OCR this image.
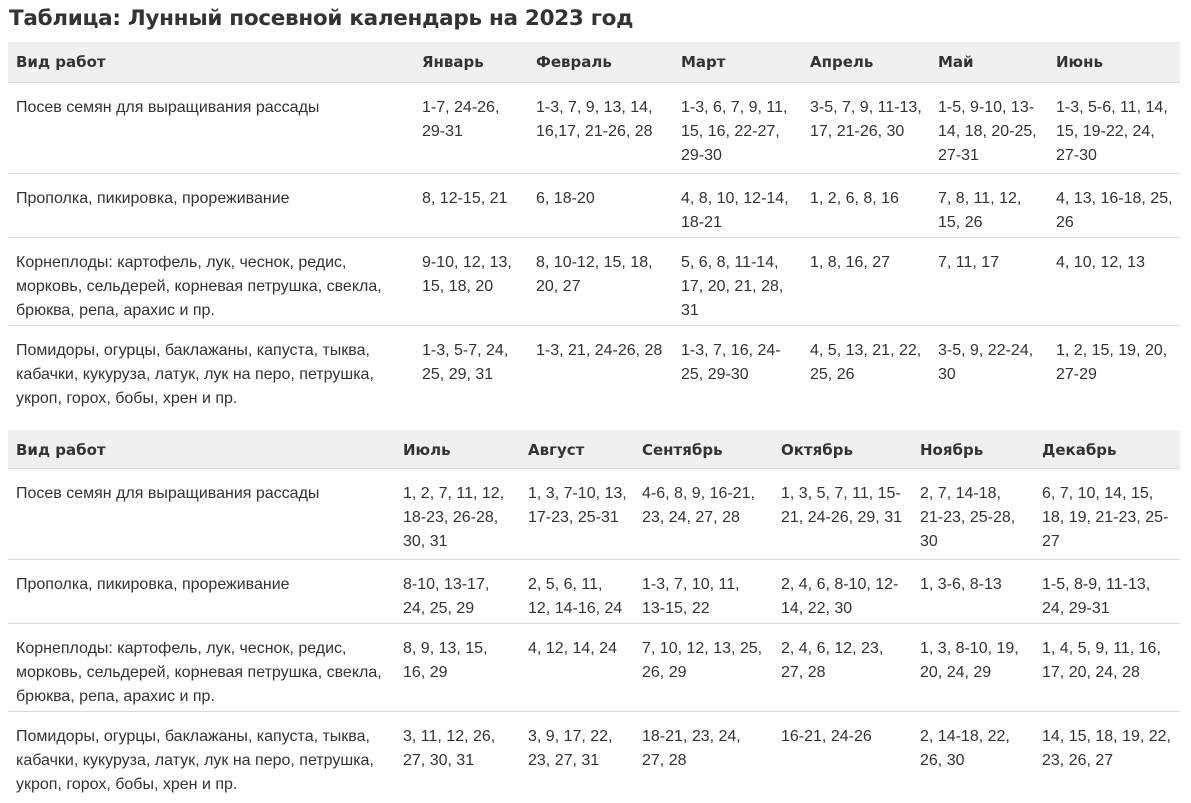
Таблица: Лунный посевной календарь на 2023 год
Вид работ	Январь	Февраль	Март	Апрель	Май	Июнь
Посев семян для выращивания рассады	1-7, 24-26, 29-31	1-3, 7, 9, 13, 14, 16,17, 21-26, 28	1-3, 6, 7, 9, 11, 15, 16, 22-27, 29-30	3-5, 7, 9, 11-13, 17, 21-26, 30	1-5, 9-10, 13-14, 18, 20-25, 27-31	1-3, 5-6, 11, 14, 15, 19-22, 24, 27-30
Прополка, пикировка, прореживание	8, 12-15, 21	6, 18-20	4, 8, 10, 12-14, 18-21	1, 2, 6, 8, 16	7, 8, 11, 12, 15, 26	4, 13, 16-18, 25, 26
Корнеплоды: картофель, лук, чеснок, редис, морковь, сельдерей, корневая петрушка, свекла, брюква, репа, арахис и пр.	9-10, 12, 13, 15, 18, 20	8, 10-12, 15, 18, 20, 27	5, 6, 8, 11-14, 17, 20, 21, 28, 31	1, 8, 16, 27	7, 11, 17	4, 10, 12, 13
Помидоры, огурцы, баклажаны, капуста, тыква, кабачки, кукуруза, латук, лук на перо, петрушка, укроп, горох, бобы, хрен и пр.	1-3, 5-7, 24, 25, 29, 31	1-3, 21, 24-26, 28	1-3, 7, 16, 24-25, 29-30	4, 5, 13, 21, 22, 25, 26	3-5, 9, 22-24, 30	1, 2, 15, 19, 20, 27-29
Вид работ	Июль	Август	Сентябрь	Октябрь	Ноябрь	Декабрь
Посев семян для выращивания рассады	1, 2, 7, 11, 12, 18-23, 26-28, 30, 31	1, 3, 7-10, 13, 17-23, 25-31	4-6, 8, 9, 16-21, 23, 24, 27, 28	1, 3, 5, 7, 11, 15-21, 24-26, 29, 31	2, 7, 14-18, 21-23, 25-28, 30	6, 7, 10, 14, 15, 18, 19, 21-23, 25-27
Прополка, пикировка, прореживание	8-10, 13-17, 24, 25, 29	2, 5, 6, 11, 12, 14-16, 24	1-3, 7, 10, 11, 13-15, 22	2, 4, 6, 8-10, 12-14, 22, 30	1, 3-6, 8-13	1-5, 8-9, 11-13, 24, 29-31
Корнеплоды: картофель, лук, чеснок, редис, морковь, сельдерей, корневая петрушка, свекла, брюква, репа, арахис и пр.	8, 9, 13, 15, 16, 29	4, 12, 14, 24	7, 10, 12, 13, 25, 26, 29	2, 4, 6, 12, 23, 27, 28	1, 3, 8-10, 19, 20, 24, 29	1, 4, 5, 9, 11, 16, 17, 20, 24, 28
Помидоры, огурцы, баклажаны, капуста, тыква, кабачки, кукуруза, латук, лук на перо, петрушка, укроп, горох, бобы, хрен и пр.	3, 11, 12, 26, 27, 30, 31	3, 9, 17, 22, 23, 27, 31	18-21, 23, 24, 27, 28	16-21, 24-26	2, 14-18, 22, 26, 30	14, 15, 18, 19, 22, 23, 26, 27
